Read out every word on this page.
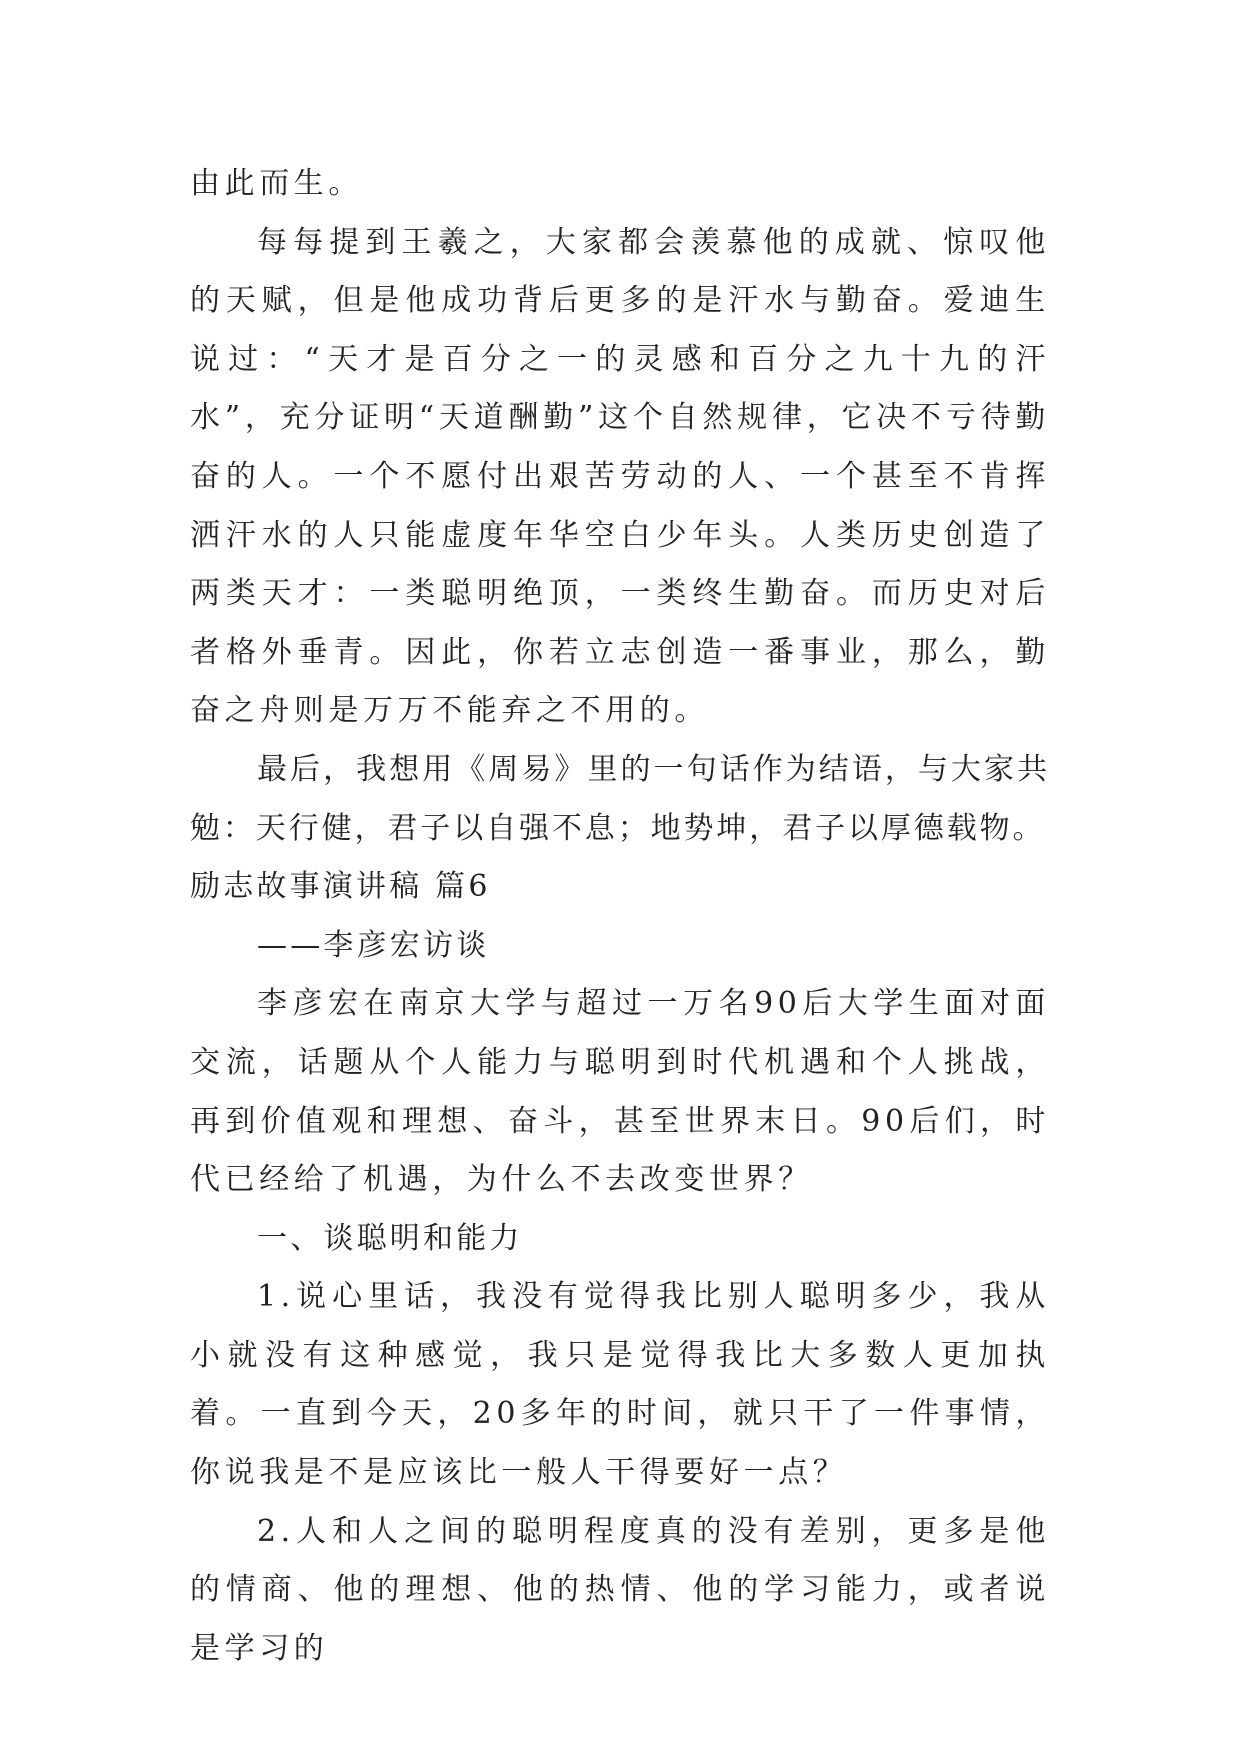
由此而生。

每每提到王羲之，大家都会羡慕他的成就、惊叹他的天赋，但是他成功背后更多的是汗水与勤奋。爱迪生说过：“天才是百分之一的灵感和百分之九十九的汗水”，充分证明“天道酬勤”这个自然规律，它决不亏待勤奋的人。一个不愿付出艰苦劳动的人、一个甚至不肯挥洒汗水的人只能虚度年华空白少年头。人类历史创造了两类天才：一类聪明绝顶，一类终生勤奋。而历史对后者格外垂青。因此，你若立志创造一番事业，那么，勤奋之舟则是万万不能弃之不用的。

最后，我想用《周易》里的一句话作为结语，与大家共勉：天行健，君子以自强不息；地势坤，君子以厚德载物。

励志故事演讲稿 篇6

——李彦宏访谈

李彦宏在南京大学与超过一万名90后大学生面对面交流，话题从个人能力与聪明到时代机遇和个人挑战，再到价值观和理想、奋斗，甚至世界末日。90后们，时代已经给了机遇，为什么不去改变世界？

一、谈聪明和能力

1.说心里话，我没有觉得我比别人聪明多少，我从小就没有这种感觉，我只是觉得我比大多数人更加执着。一直到今天，20多年的时间，就只干了一件事情，你说我是不是应该比一般人干得要好一点？

2.人和人之间的聪明程度真的没有差别，更多是他的情商、他的理想、他的热情、他的学习能力，或者说是学习的
